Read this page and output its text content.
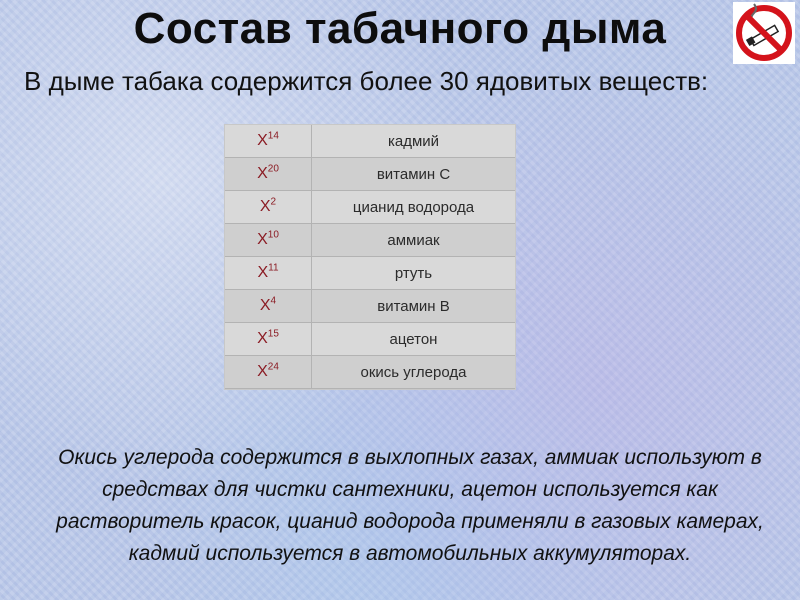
Состав табачного дыма

В дыме табака содержится более 30 ядовитых веществ:

$Х^{14}$	кадмий
$Х^{20}$	витамин С
$Х^2$	цианид водорода
$Х^{10}$	аммиак
$Х^{11}$	ртуть
$Х^4$	витамин В
$Х^{15}$	ацетон
$Х^{24}$	окись углерода

Окись углерода содержится в выхлопных газах, аммиак используют в средствах для чистки сантехники, ацетон используется как растворитель красок, цианид водорода применяли в газовых камерах, кадмий используется в автомобильных аккумуляторах.
